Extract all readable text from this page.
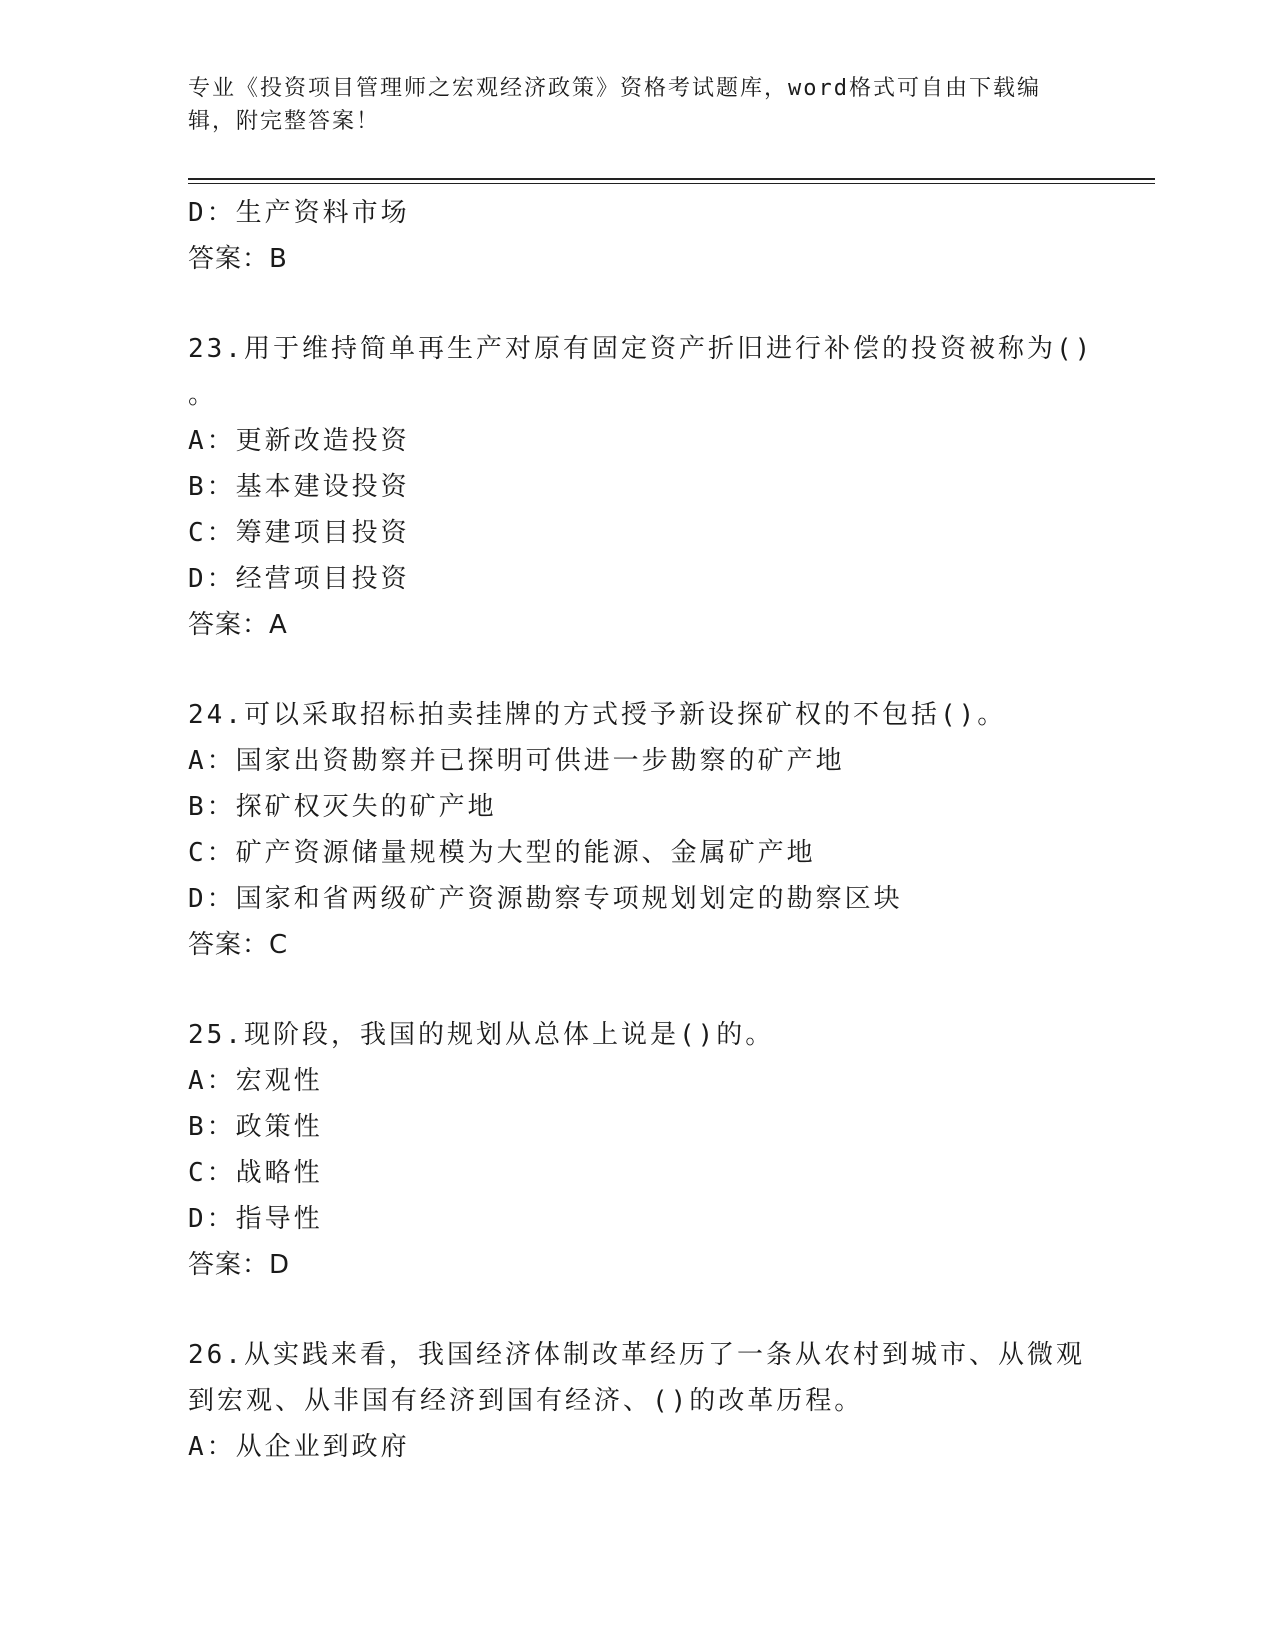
专业《投资项目管理师之宏观经济政策》资格考试题库，word格式可自由下载编辑，附完整答案！
D：生产资料市场
答案：B
23.用于维持简单再生产对原有固定资产折旧进行补偿的投资被称为()
。
A：更新改造投资
B：基本建设投资
C：筹建项目投资
D：经营项目投资
答案：A
24.可以采取招标拍卖挂牌的方式授予新设探矿权的不包括()。
A：国家出资勘察并已探明可供进一步勘察的矿产地
B：探矿权灭失的矿产地
C：矿产资源储量规模为大型的能源、金属矿产地
D：国家和省两级矿产资源勘察专项规划划定的勘察区块
答案：C
25.现阶段，我国的规划从总体上说是()的。
A：宏观性
B：政策性
C：战略性
D：指导性
答案：D
26.从实践来看，我国经济体制改革经历了一条从农村到城市、从微观
到宏观、从非国有经济到国有经济、()的改革历程。
A：从企业到政府
